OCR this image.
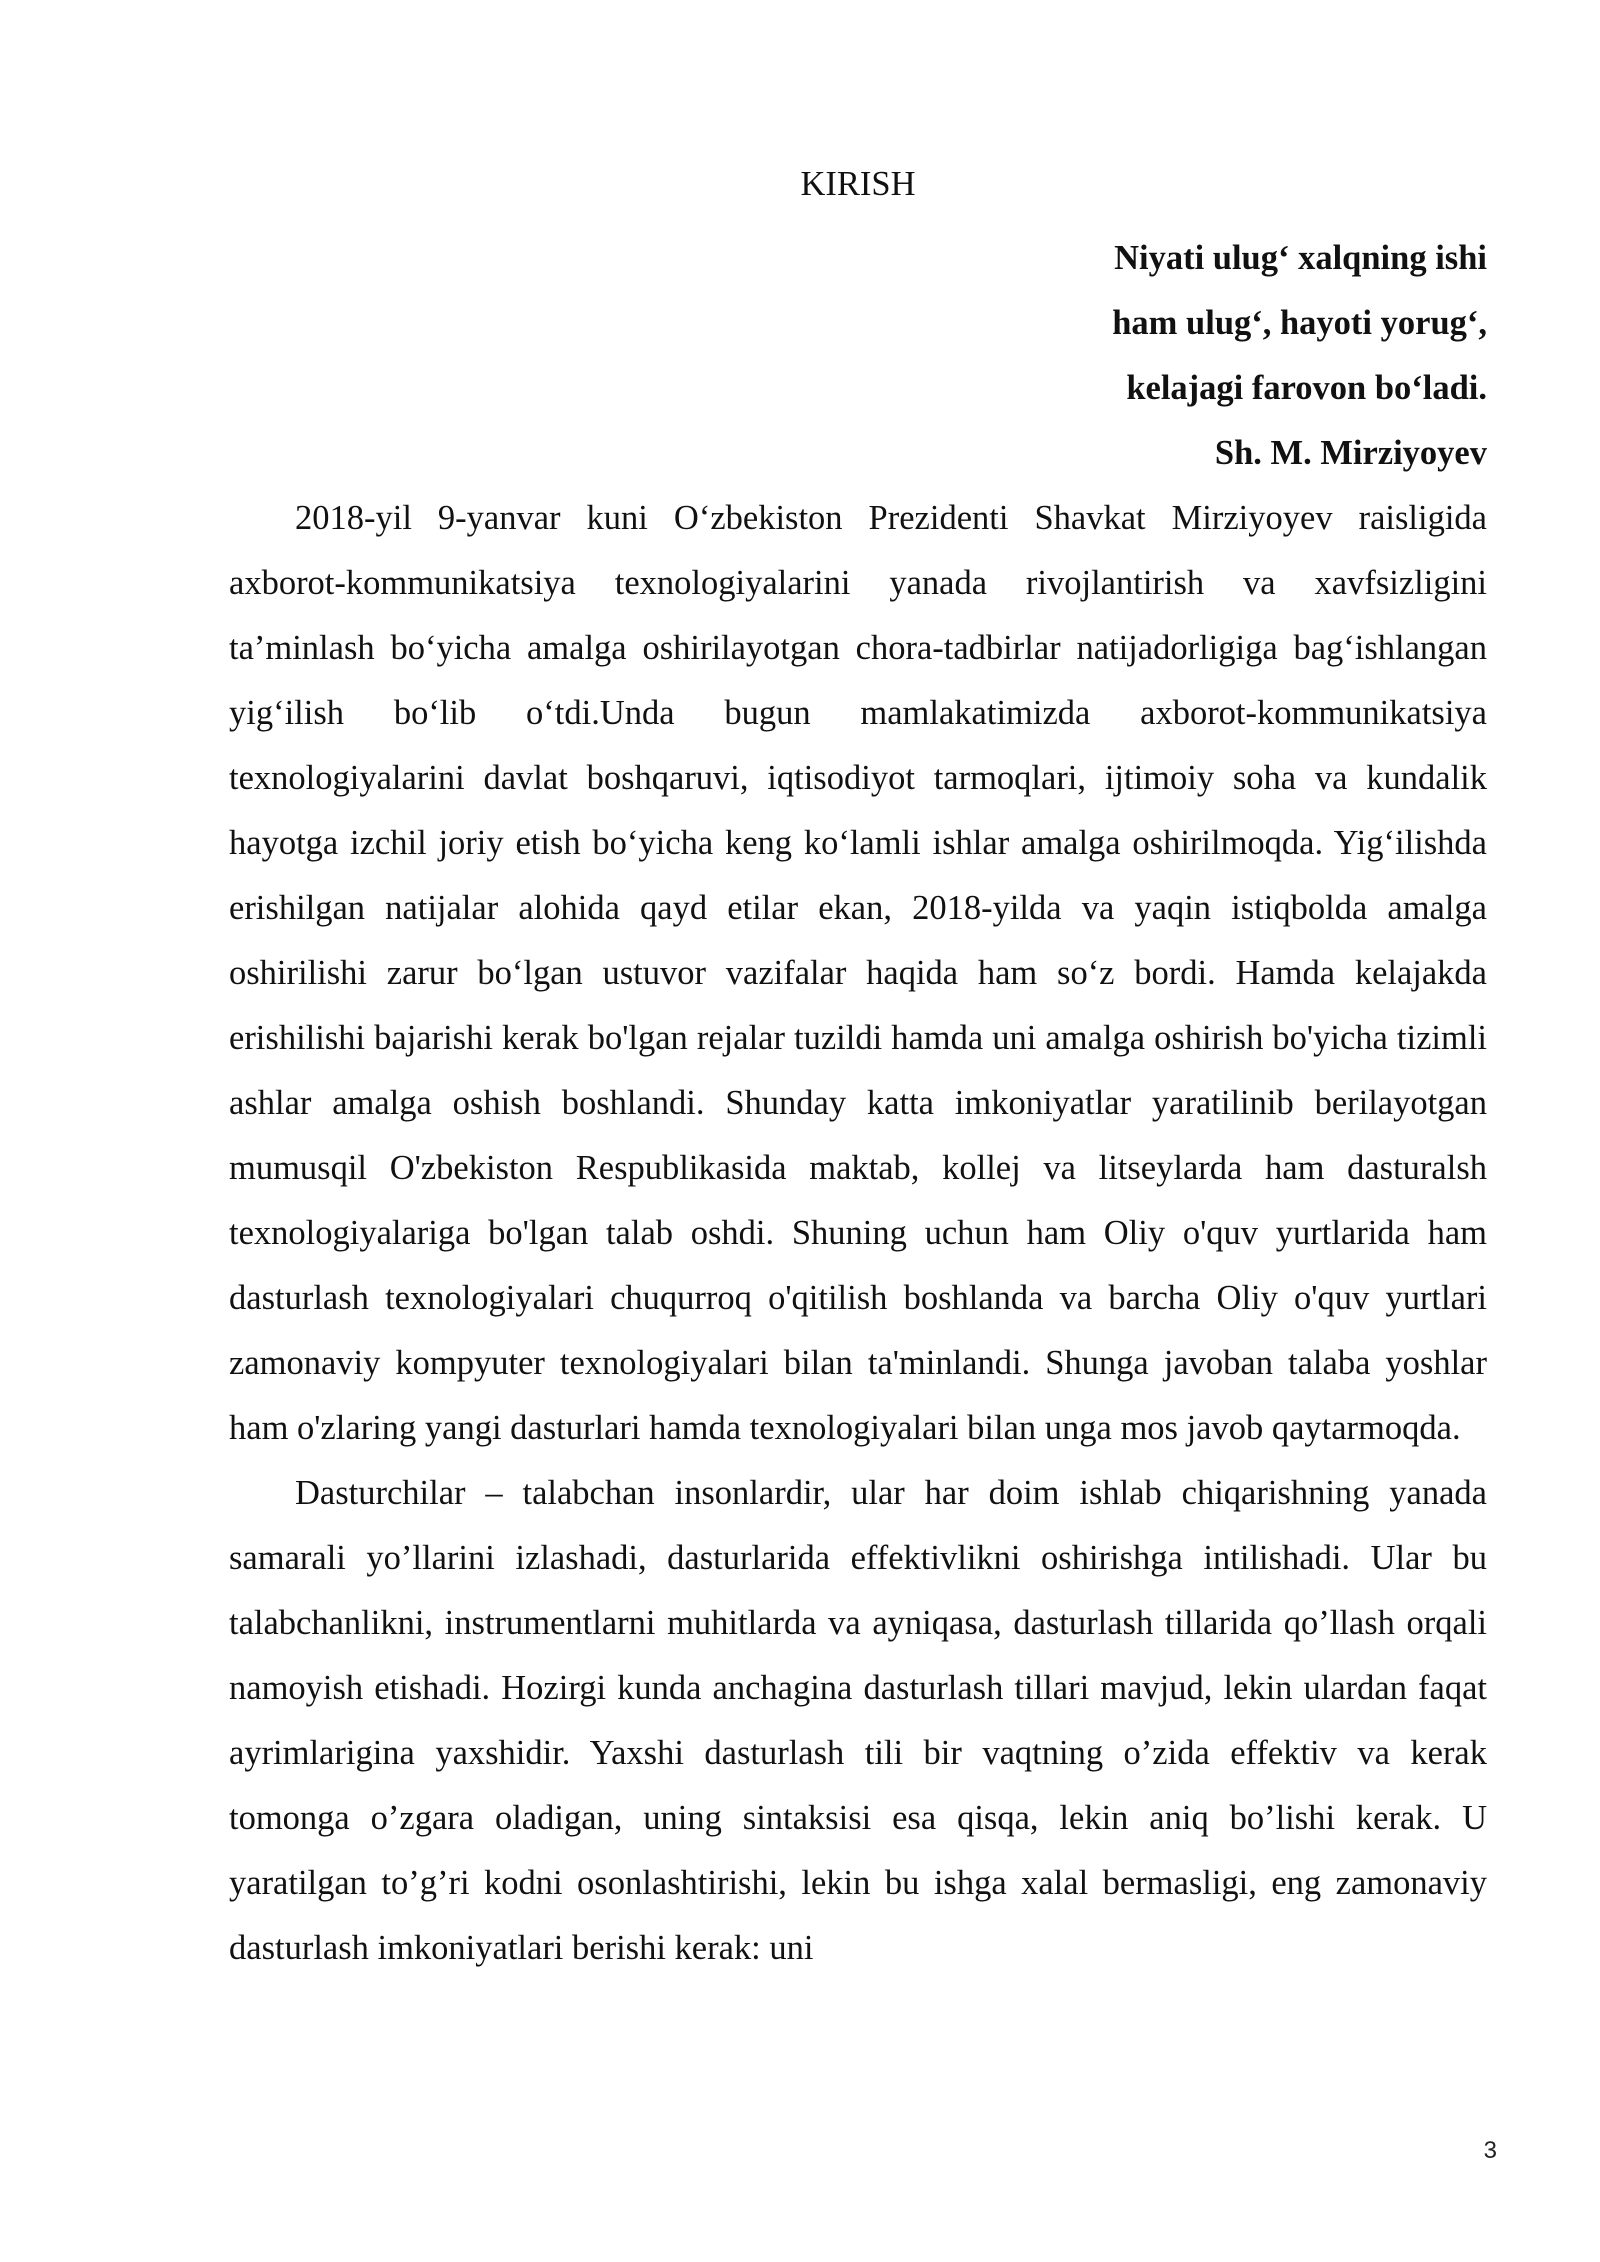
KIRISH
Niyati ulug‘ xalqning ishi
ham ulug‘, hayoti yorug‘,
kelajagi farovon bo‘ladi.
Sh. M. Mirziyoyev

2018-yil 9-yanvar kuni O‘zbekiston Prezidenti Shavkat Mirziyoyev raisligida axborot-kommunikatsiya texnologiyalarini yanada rivojlantirish va xavfsizligini ta’minlash bo‘yicha amalga oshirilayotgan chora-tadbirlar natijadorligiga bag‘ishlangan yig‘ilish bo‘lib o‘tdi.Unda bugun mamlakatimizda axborot-kommunikatsiya texnologiyalarini davlat boshqaruvi, iqtisodiyot tarmoqlari, ijtimoiy soha va kundalik hayotga izchil joriy etish bo‘yicha keng ko‘lamli ishlar amalga oshirilmoqda. Yig‘ilishda erishilgan natijalar alohida qayd etilar ekan, 2018-yilda va yaqin istiqbolda amalga oshirilishi zarur bo‘lgan ustuvor vazifalar haqida ham so‘z bordi. Hamda kelajakda erishilishi bajarishi kerak bo'lgan rejalar tuzildi hamda uni amalga oshirish bo'yicha tizimli ashlar amalga oshish boshlandi. Shunday katta imkoniyatlar yaratilinib berilayotgan mumusqil O'zbekiston Respublikasida maktab, kollej va litseylarda ham dasturalsh texnologiyalariga bo'lgan talab oshdi. Shuning uchun ham Oliy o'quv yurtlarida ham dasturlash texnologiyalari chuqurroq o'qitilish boshlanda va barcha Oliy o'quv yurtlari zamonaviy kompyuter texnologiyalari bilan ta'minlandi. Shunga javoban talaba yoshlar ham o'zlaring yangi dasturlari hamda texnologiyalari bilan unga mos javob qaytarmoqda.

Dasturchilar – talabchan insonlardir, ular har doim ishlab chiqarishning yanada samarali yo’llarini izlashadi, dasturlarida effektivlikni oshirishga intilishadi. Ular bu talabchanlikni, instrumentlarni muhitlarda va ayniqasa, dasturlash tillarida qo’llash orqali namoyish etishadi. Hozirgi kunda anchagina dasturlash tillari mavjud, lekin ulardan faqat ayrimlarigina yaxshidir. Yaxshi dasturlash tili bir vaqtning o’zida effektiv va kerak tomonga o’zgara oladigan, uning sintaksisi esa qisqa, lekin aniq bo’lishi kerak. U yaratilgan to’g’ri kodni osonlashtirishi, lekin bu ishga xalal bermasligi, eng zamonaviy dasturlash imkoniyatlari berishi kerak: uni

3
